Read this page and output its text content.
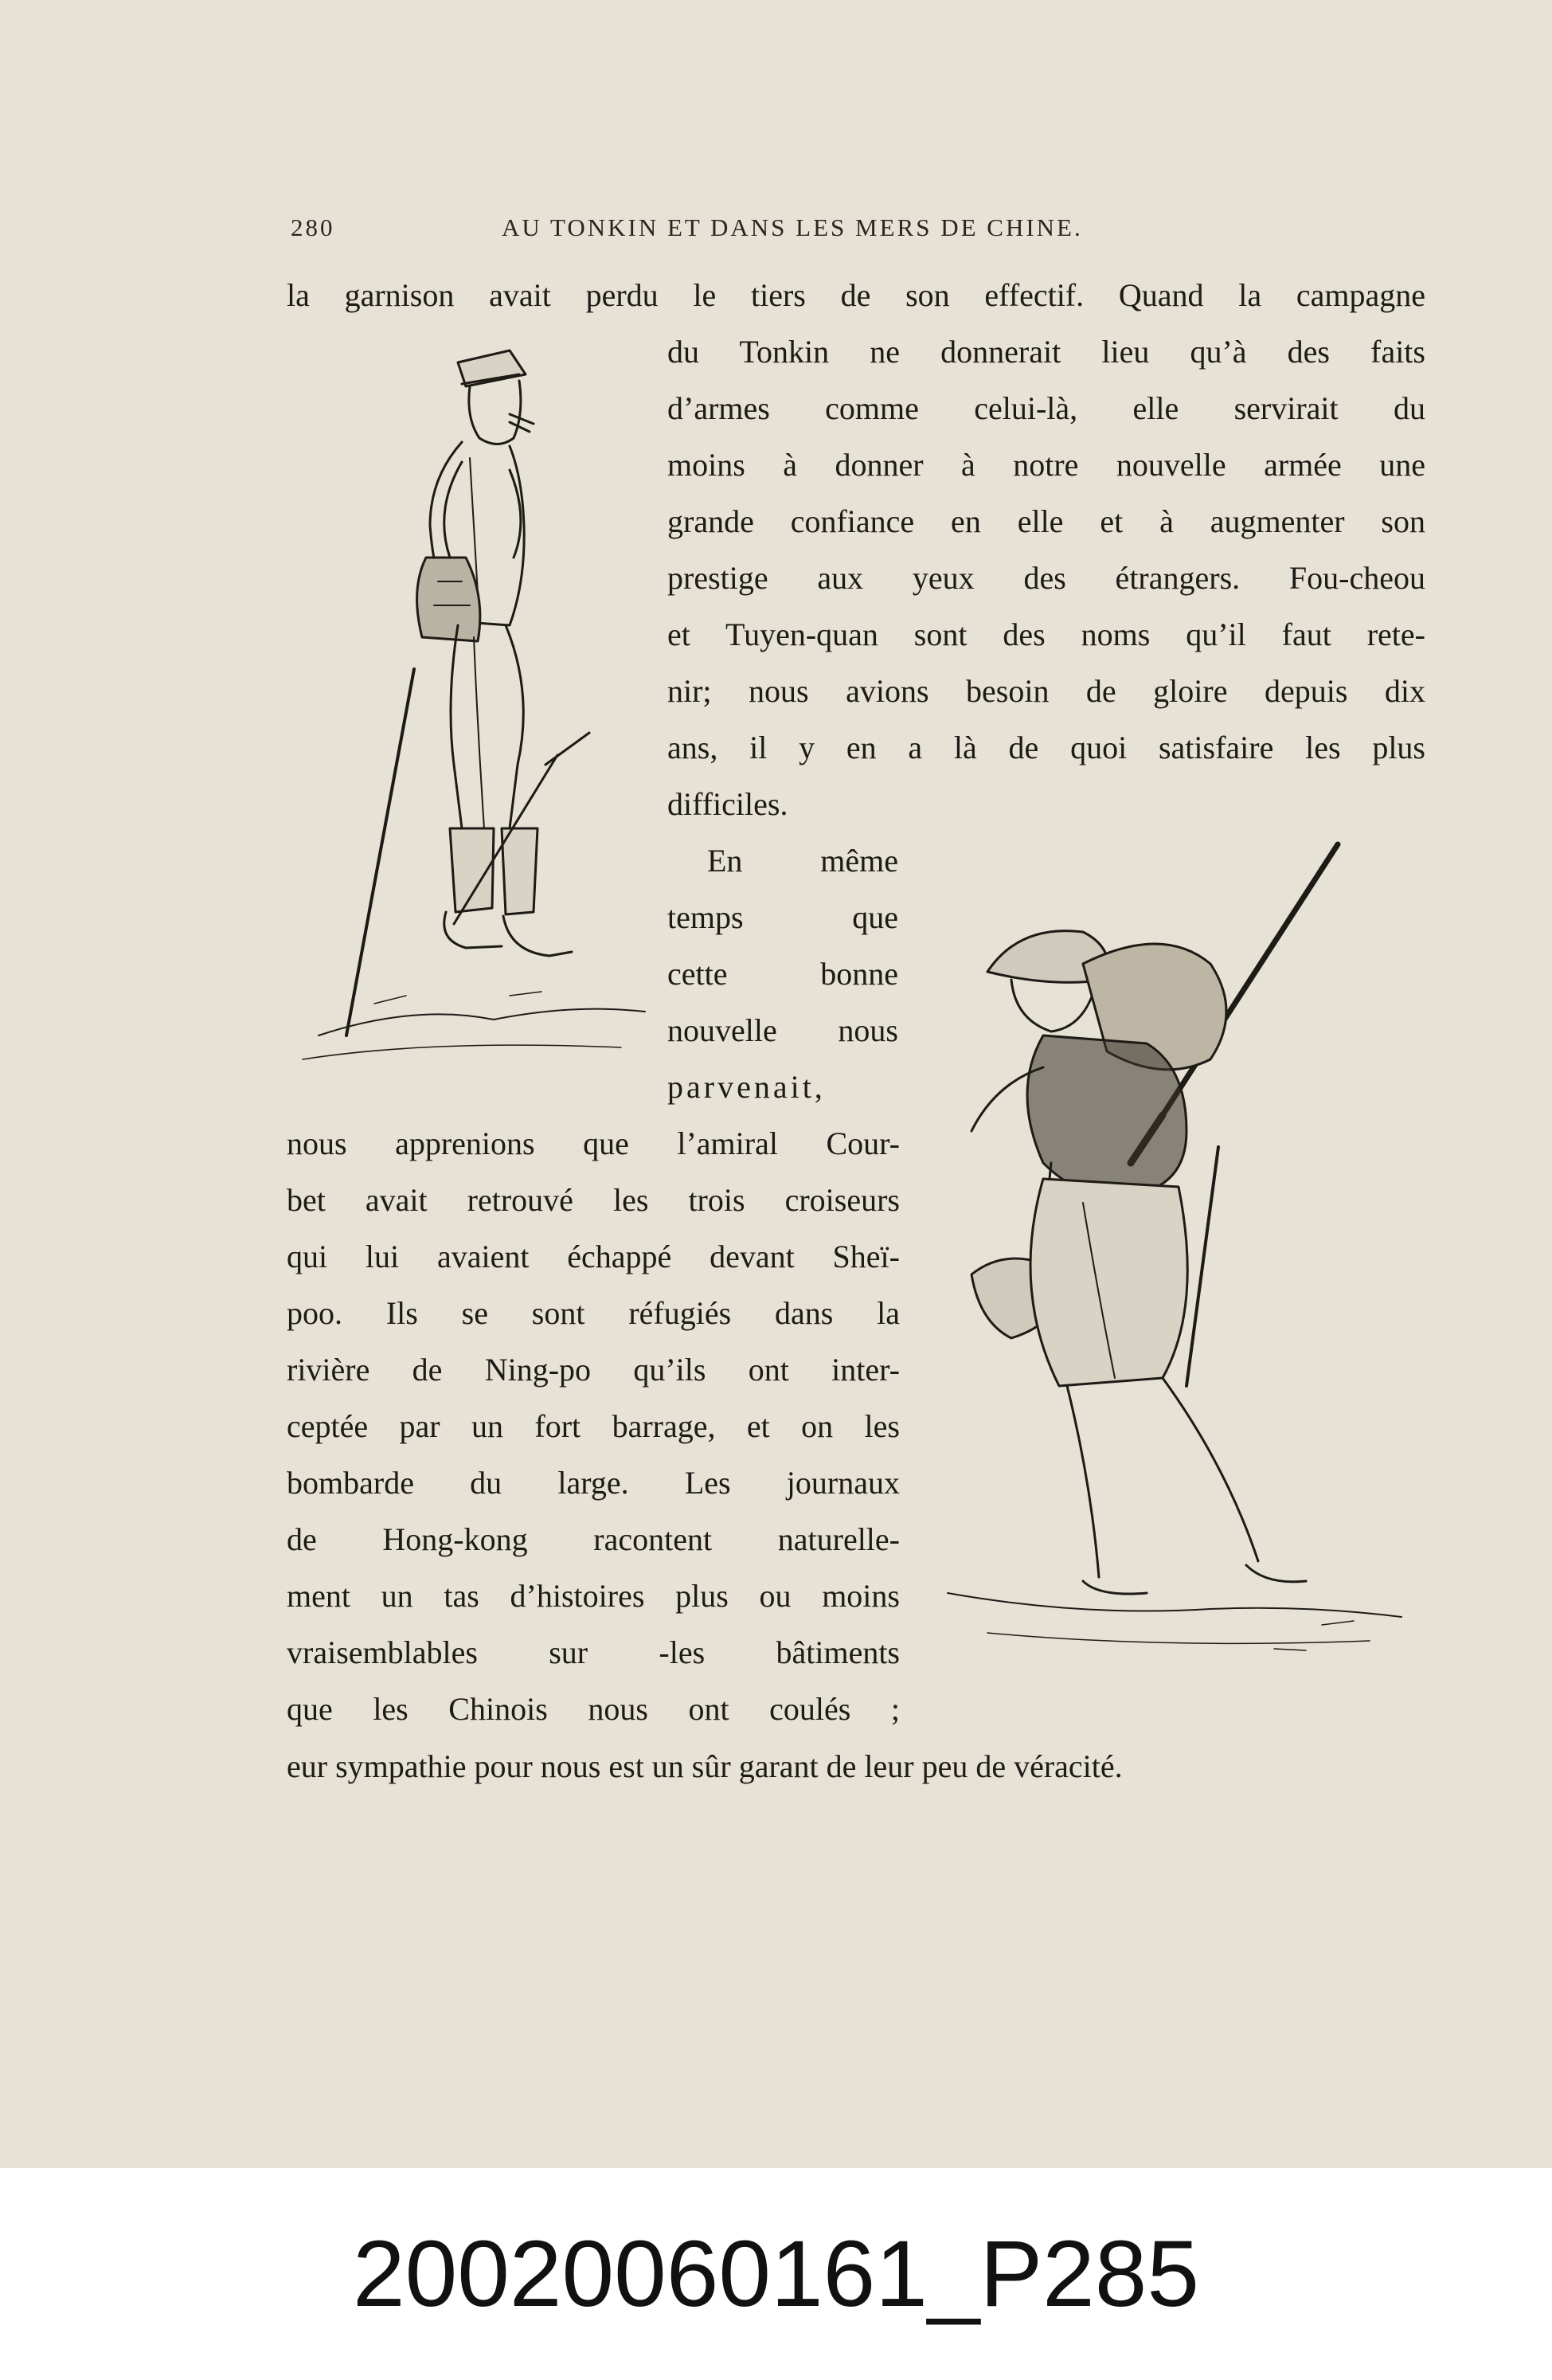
280	AU TONKIN ET DANS LES MERS DE CHINE.
la garnison avait perdu le tiers de son effectif. Quand la campagne
du Tonkin ne donnerait lieu qu’à des faits
d’armes comme celui-là, elle servirait du
moins à donner à notre nouvelle armée une
grande confiance en elle et à augmenter son
prestige aux yeux des étrangers. Fou-cheou
et Tuyen-quan sont des noms qu’il faut rete-
nir; nous avions besoin de gloire depuis dix
ans, il y en a là de quoi satisfaire les plus
difficiles.
En même
temps que
cette bonne
nouvelle nous
parvenait,
nous apprenions que l’amiral Cour-
bet avait retrouvé les trois croiseurs
qui lui avaient échappé devant Sheï-
poo. Ils se sont réfugiés dans la
rivière de Ning-po qu’ils ont inter-
ceptée par un fort barrage, et on les
bombarde du large. Les journaux
de Hong-kong racontent naturelle-
ment un tas d’histoires plus ou moins
vraisemblables sur -les bâtiments
que les Chinois nous ont coulés ;
eur sympathie pour nous est un sûr garant de leur peu de véracité.
20020060161_P285
